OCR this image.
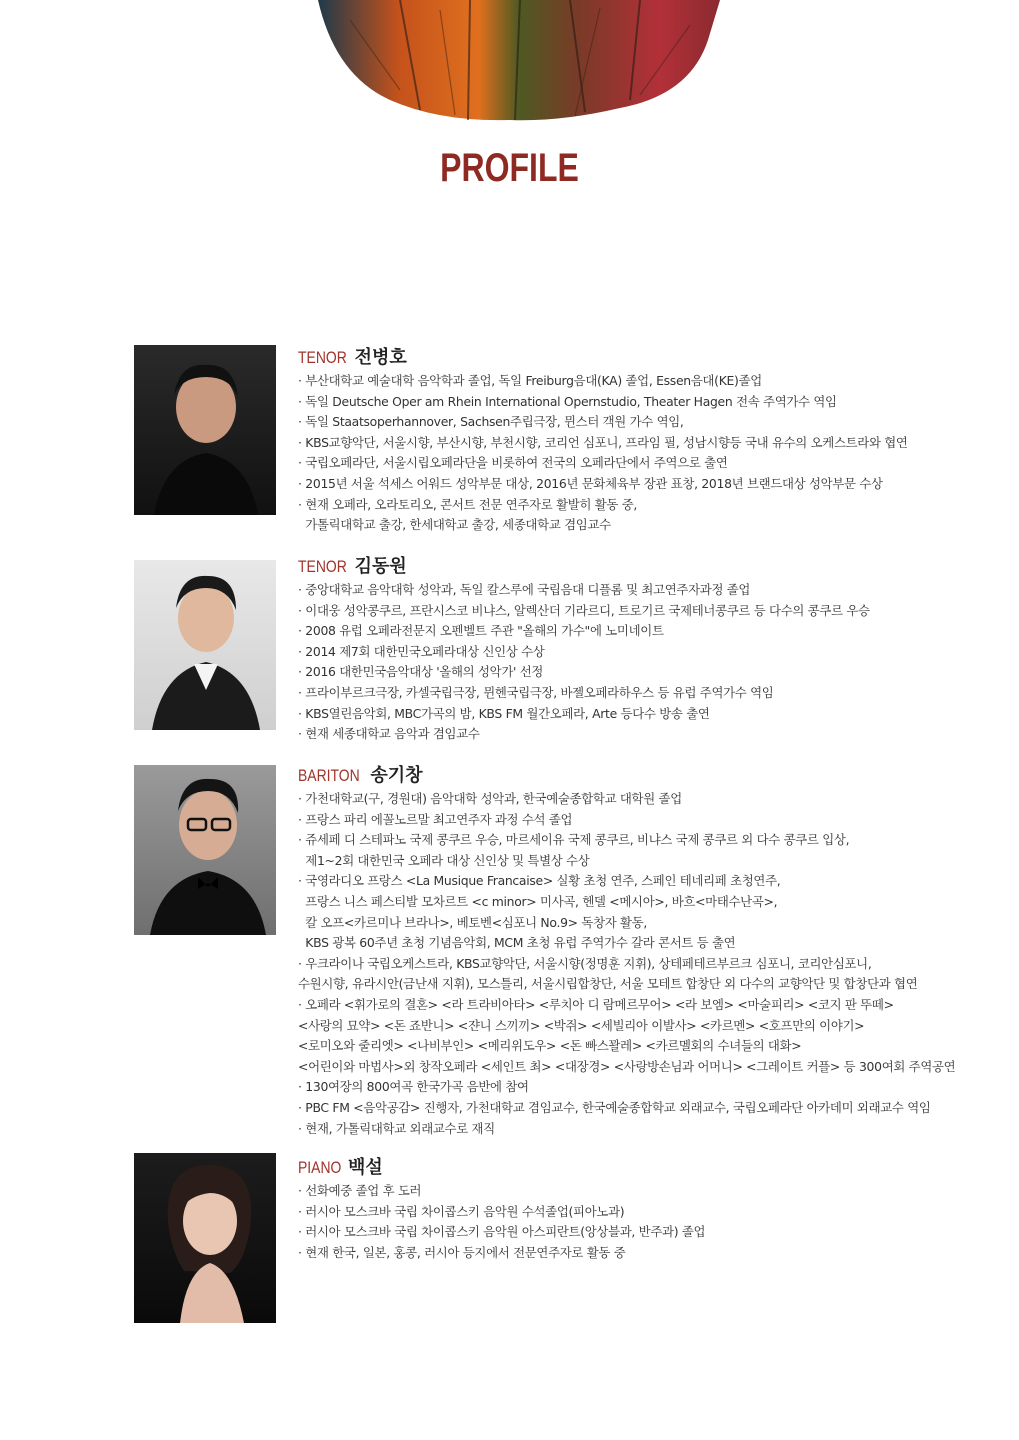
PROFILE
TENOR 전병호
· 부산대학교 예술대학 음악학과 졸업, 독일 Freiburg음대(KA) 졸업, Essen음대(KE)졸업
· 독일 Deutsche Oper am Rhein International Opernstudio, Theater Hagen 전속 주역가수 역임
· 독일 Staatsoperhannover, Sachsen주립극장, 뮌스터 객원 가수 역임,
· KBS교향악단, 서울시향, 부산시향, 부천시향, 코리언 심포니, 프라임 필, 성남시향등 국내 유수의 오케스트라와 협연
· 국립오페라단, 서울시립오페라단을 비롯하여 전국의 오페라단에서 주역으로 출연
· 2015년 서울 석세스 어워드 성악부문 대상, 2016년 문화체육부 장관 표창, 2018년 브랜드대상 성악부문 수상
· 현재 오페라, 오라토리오, 콘서트 전문 연주자로 활발히 활동 중,
가톨릭대학교 출강, 한세대학교 출강, 세종대학교 겸임교수
TENOR 김동원
· 중앙대학교 음악대학 성악과, 독일 칼스루에 국립음대 디플롬 및 최고연주자과정 졸업
· 이대웅 성악콩쿠르, 프란시스코 비냐스, 알렉산더 기라르디, 트로기르 국제테너콩쿠르 등 다수의 콩쿠르 우승
· 2008 유럽 오페라전문지 오펜벨트 주관 "올해의 가수"에 노미네이트
· 2014 제7회 대한민국오페라대상 신인상 수상
· 2016 대한민국음악대상 '올해의 성악가' 선정
· 프라이부르크극장, 카셀국립극장, 뮌헨국립극장, 바젤오페라하우스 등 유럽 주역가수 역임
· KBS열린음악회, MBC가곡의 밤, KBS FM 월간오페라, Arte 등다수 방송 출연
· 현재 세종대학교 음악과 겸임교수
BARITON 송기창
· 가천대학교(구, 경원대) 음악대학 성악과, 한국예술종합학교 대학원 졸업
· 프랑스 파리 에꼴노르말 최고연주자 과정 수석 졸업
· 쥬세페 디 스테파노 국제 콩쿠르 우승, 마르세이유 국제 콩쿠르, 비냐스 국제 콩쿠르 외 다수 콩쿠르 입상,
제1~2회 대한민국 오페라 대상 신인상 및 특별상 수상
· 국영라디오 프랑스 <La Musique Francaise> 실황 초청 연주, 스페인 테네리페 초청연주,
프랑스 니스 페스티발 모차르트 <c minor> 미사곡, 헨델 <메시아>, 바흐<마태수난곡>,
칼 오프<카르미나 브라나>, 베토벤<심포니 No.9> 독창자 활동,
KBS 광복 60주년 초청 기념음악회, MCM 초청 유럽 주역가수 갈라 콘서트 등 출연
· 우크라이나 국립오케스트라, KBS교향악단, 서울시향(정명훈 지휘), 상테페테르부르크 심포니, 코리안심포니,
수원시향, 유라시안(금난새 지휘), 모스틀리, 서울시립합창단, 서울 모테트 합창단 외 다수의 교향악단 및 합창단과 협연
· 오페라 <휘가로의 결혼> <라 트라비아타> <루치아 디 람메르무어> <라 보엠> <마술피리> <코지 판 뚜떼>
<사랑의 묘약> <돈 죠반니> <쟌니 스끼끼> <박쥐> <세빌리아 이발사> <카르멘> <호프만의 이야기>
<로미오와 줄리엣> <나비부인> <메리위도우> <돈 빠스꽐레> <카르멜회의 수녀들의 대화>
<어린이와 마법사>외 창작오페라 <세인트 최> <대장경> <사랑방손님과 어머니> <그레이트 커플> 등 300여회 주역공연
· 130여장의 800여곡 한국가곡 음반에 참여
· PBC FM <음악공감> 진행자, 가천대학교 겸임교수, 한국예술종합학교 외래교수, 국립오페라단 아카데미 외래교수 역임
· 현재, 가톨릭대학교 외래교수로 재직
PIANO 백설
· 선화예중 졸업 후 도러
· 러시아 모스크바 국립 차이콥스키 음악원 수석졸업(피아노과)
· 러시아 모스크바 국립 차이콥스키 음악원 아스피란트(앙상블과, 반주과) 졸업
· 현재 한국, 일본, 홍콩, 러시아 등지에서 전문연주자로 활동 중
